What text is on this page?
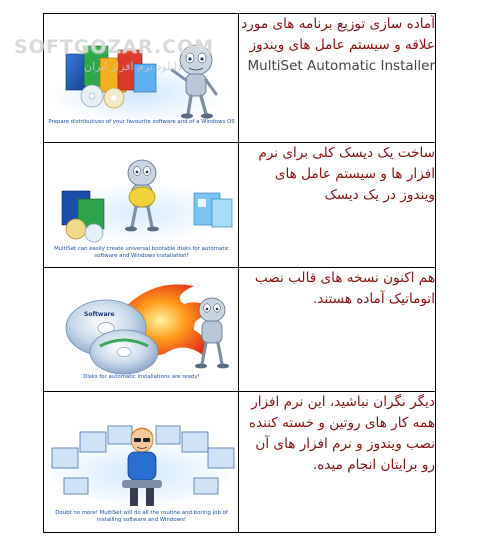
SOFTGOZAR.COM
دانلود نرم افزار ایران
Prepare distributives of your favourite software and of a Windows OS	آماده سازی توزیع برنامه های مورد علاقه و سیستم عامل های ویندوز

MultiSet Automatic Installer

MultiSet can easily create universal bootable disks for automatic software and Windows installation!	ساخت یک دیسک کلی برای نرم افزار ها و سیستم عامل های ویندوز در یک دیسک

Software
Disks for automatic installations are ready!	هم اکنون نسخه های قالب نصب اتوماتیک آماده هستند.

Doubt no more! MultiSet will do all the routine and boring job of installing software and Windows!	دیگر نگران نباشید، این نرم افزار همه کار های روتین و خسته کننده نصب ویندوز و نرم افزار های آن رو برایتان انجام میده.
